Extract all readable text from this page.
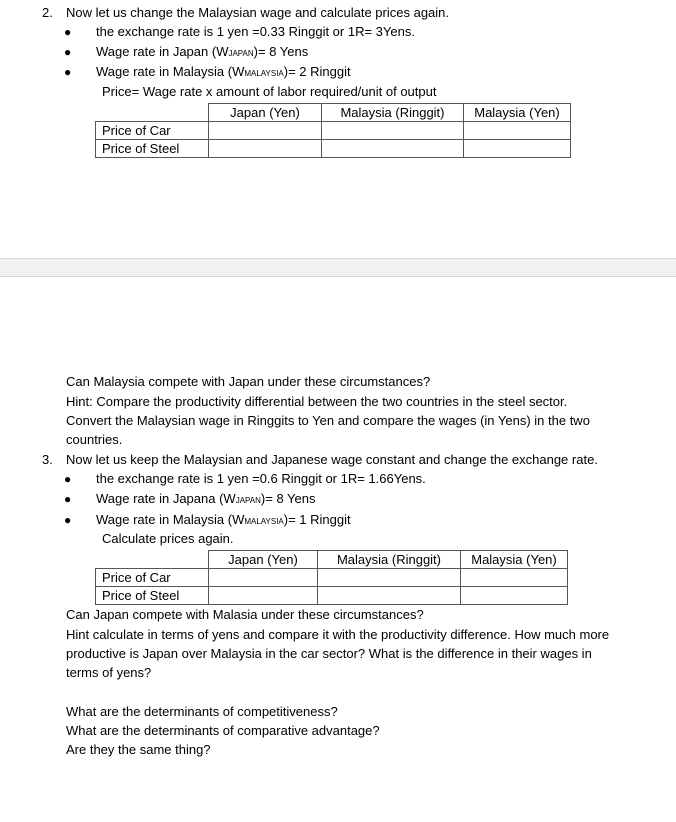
2. Now let us change the Malaysian wage and calculate prices again.
● the exchange rate is 1 yen =0.33 Ringgit or 1R= 3Yens.
● Wage rate in Japan (WJAPAN)= 8 Yens
● Wage rate in Malaysia (WMALAYSIA)= 2 Ringgit
Price= Wage rate x amount of labor required/unit of output
	Japan (Yen)	Malaysia (Ringgit)	Malaysia (Yen)
Price of Car			
Price of Steel			
Can Malaysia compete with Japan under these circumstances?
Hint: Compare the productivity differential between the two countries in the steel sector.
Convert the Malaysian wage in Ringgits to Yen and compare the wages (in Yens) in the two
countries.
3. Now let us keep the Malaysian and Japanese wage constant and change the exchange rate.
● the exchange rate is 1 yen =0.6 Ringgit or 1R= 1.66Yens.
● Wage rate in Japana (WJAPAN)= 8 Yens
● Wage rate in Malaysia (WMALAYSIA)= 1 Ringgit
Calculate prices again.
	Japan (Yen)	Malaysia (Ringgit)	Malaysia (Yen)
Price of Car			
Price of Steel			
Can Japan compete with Malasia under these circumstances?
Hint calculate in terms of yens and compare it with the productivity difference. How much more
productive is Japan over Malaysia in the car sector? What is the difference in their wages in
terms of yens?
What are the determinants of competitiveness?
What are the determinants of comparative advantage?
Are they the same thing?
